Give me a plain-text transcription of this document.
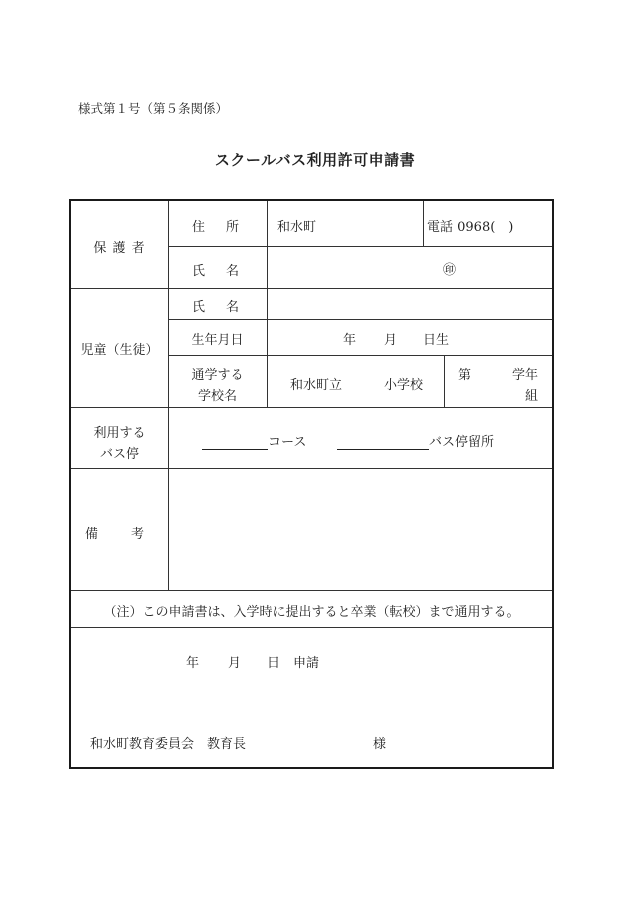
様式第１号（第５条関係）
スクールバス利用許可申請書
保 護 者
住　所	和水町	電話 0968(　)
氏　名	㊞
児童（生徒）
氏　名
生年月日	年 月 日生
通学する
学校名
和水町立	小学校
第	学年
組
利用する
バス停
コース	バス停留所
備　考
（注）この申請書は、入学時に提出すると卒業（転校）まで通用する。
年 月 日 申請
和水町教育委員会　教育長	様
